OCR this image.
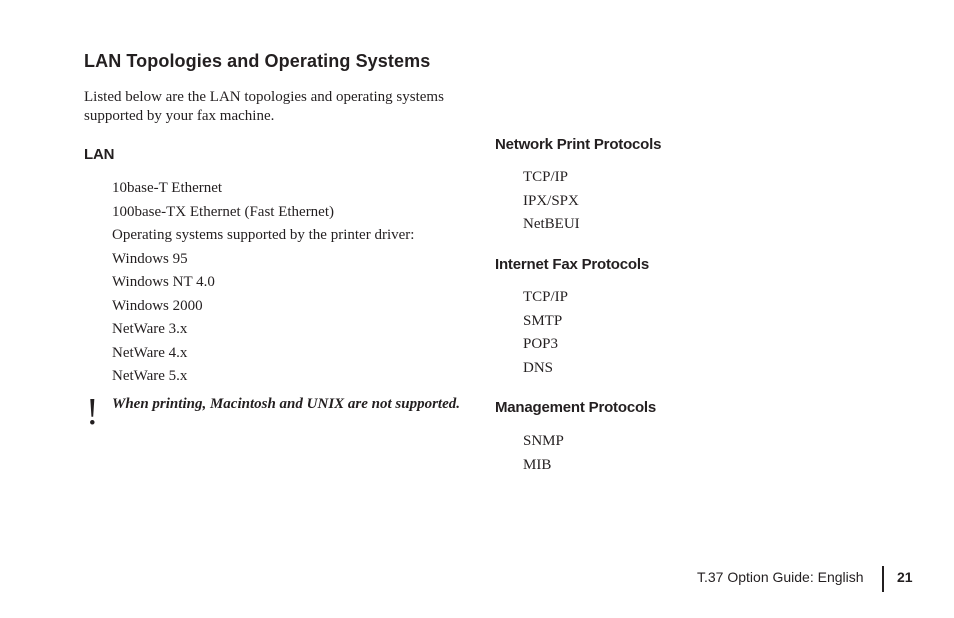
LAN Topologies and Operating Systems

Listed below are the LAN topologies and operating systems supported by your fax machine.

LAN
10base-T Ethernet
100base-TX Ethernet (Fast Ethernet)
Operating systems supported by the printer driver:
Windows 95
Windows NT 4.0
Windows 2000
NetWare 3.x
NetWare 4.x
NetWare 5.x
! When printing, Macintosh and UNIX are not supported.

Network Print Protocols
TCP/IP
IPX/SPX
NetBEUI
Internet Fax Protocols
TCP/IP
SMTP
POP3
DNS
Management Protocols
SNMP
MIB
T.37 Option Guide: English 21
